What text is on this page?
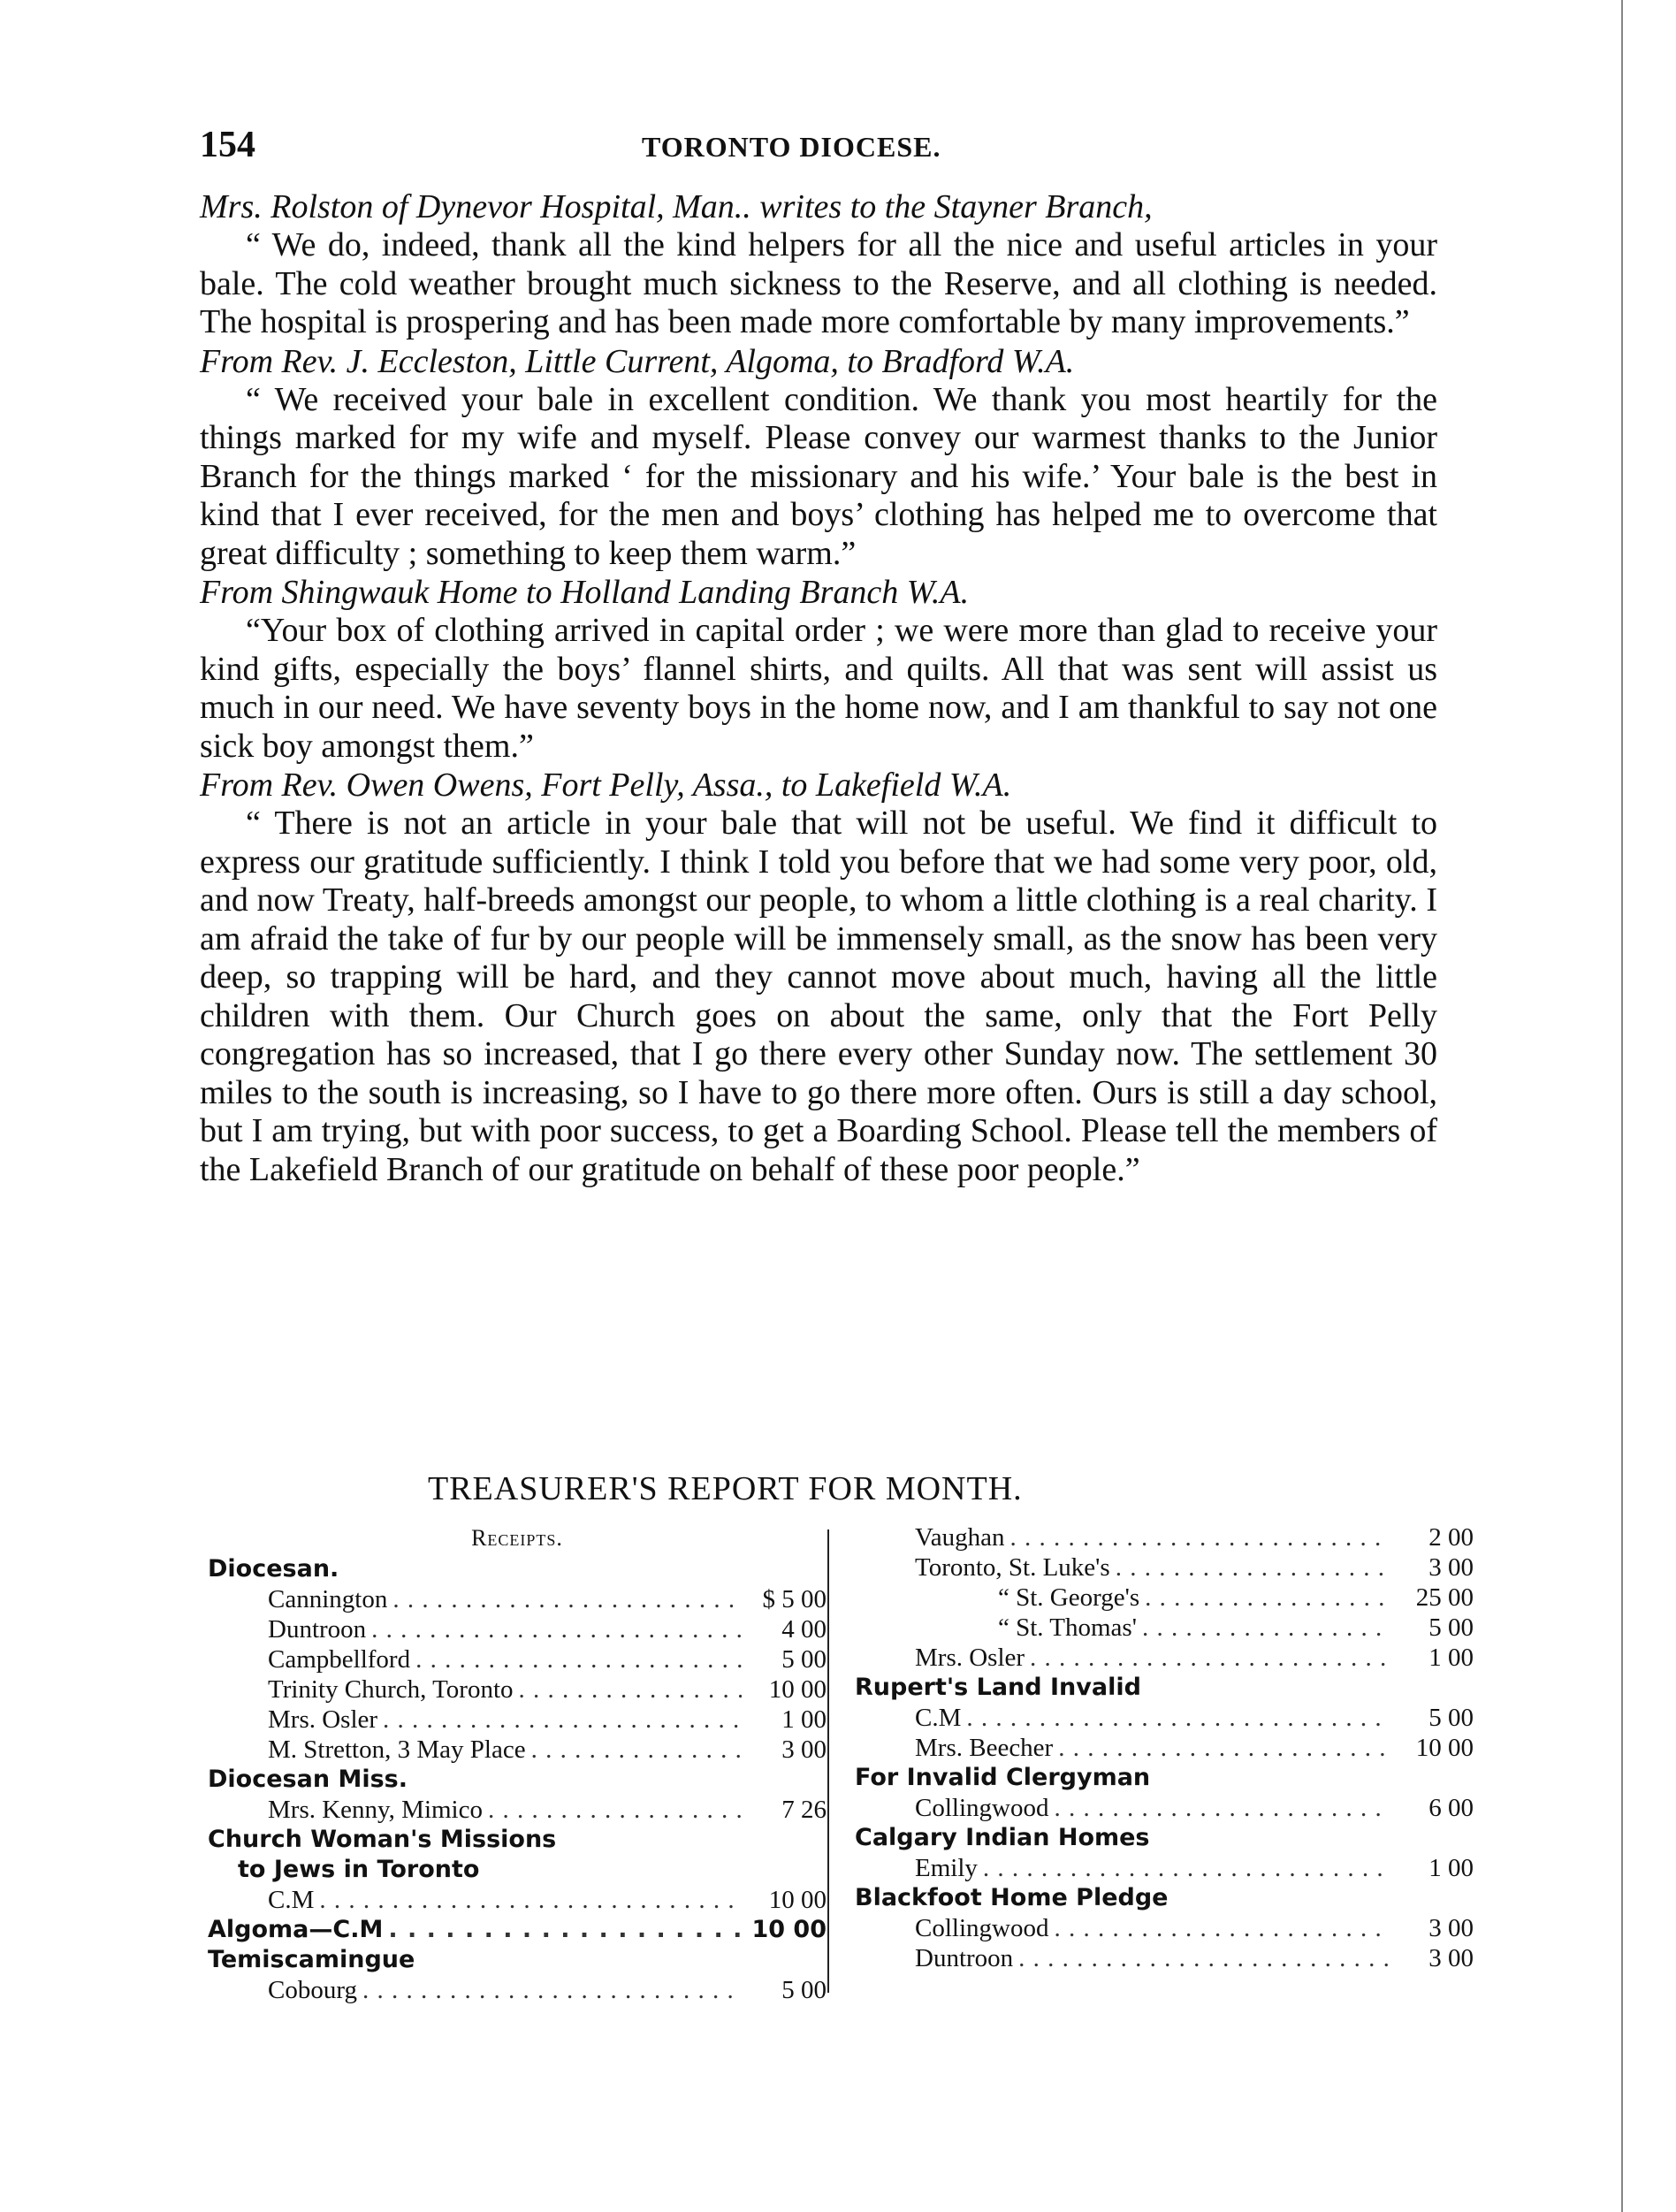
154	TORONTO DIOCESE.

Mrs. Rolston of Dynevor Hospital, Man.. writes to the Stayner Branch,

“ We do, indeed, thank all the kind helpers for all the nice and useful articles in your bale. The cold weather brought much sickness to the Reserve, and all clothing is needed. The hospital is prospering and has been made more comfortable by many improvements.”

From Rev. J. Eccleston, Little Current, Algoma, to Bradford W.A.

“ We received your bale in excellent condition. We thank you most heartily for the things marked for my wife and myself. Please convey our warmest thanks to the Junior Branch for the things marked ‘ for the missionary and his wife.’ Your bale is the best in kind that I ever received, for the men and boys’ clothing has helped me to overcome that great difficulty ; something to keep them warm.”

From Shingwauk Home to Holland Landing Branch W.A.

“Your box of clothing arrived in capital order ; we were more than glad to receive your kind gifts, especially the boys’ flannel shirts, and quilts. All that was sent will assist us much in our need. We have seventy boys in the home now, and I am thankful to say not one sick boy amongst them.”

From Rev. Owen Owens, Fort Pelly, Assa., to Lakefield W.A.

“ There is not an article in your bale that will not be useful. We find it difficult to express our gratitude sufficiently. I think I told you before that we had some very poor, old, and now Treaty, half-breeds amongst our people, to whom a little clothing is a real charity. I am afraid the take of fur by our people will be immensely small, as the snow has been very deep, so trapping will be hard, and they cannot move about much, having all the little children with them. Our Church goes on about the same, only that the Fort Pelly congregation has so increased, that I go there every other Sunday now. The settlement 30 miles to the south is increasing, so I have to go there more often. Ours is still a day school, but I am trying, but with poor success, to get a Boarding School. Please tell the members of the Lakefield Branch of our gratitude on behalf of these poor people.”

TREASURER'S REPORT FOR MONTH.
Receipts.
Diocesan.
Cannington . . .	$ 5 00
Duntroon . . .	4 00
Campbellford . . .	5 00
Trinity Church, Toronto . . .	10 00
Mrs. Osler . . .	1 00
M. Stretton, 3 May Place . . .	3 00
Diocesan Miss.
Mrs. Kenny, Mimico . . .	7 26
Church Woman's Missions
to Jews in Toronto
C.M . . .	10 00
Algoma—C.M . . .	10 00
Temiscamingue
Cobourg . . .	5 00
Vaughan . . .	2 00
Toronto, St. Luke's . . .	3 00
“ St. George's . . .	25 00
“ St. Thomas' . . .	5 00
Mrs. Osler . . .	1 00
Rupert's Land Invalid
C.M . . .	5 00
Mrs. Beecher . . .	10 00
For Invalid Clergyman
Collingwood . . .	6 00
Calgary Indian Homes
Emily . . .	1 00
Blackfoot Home Pledge
Collingwood . . .	3 00
Duntroon . . .	3 00
